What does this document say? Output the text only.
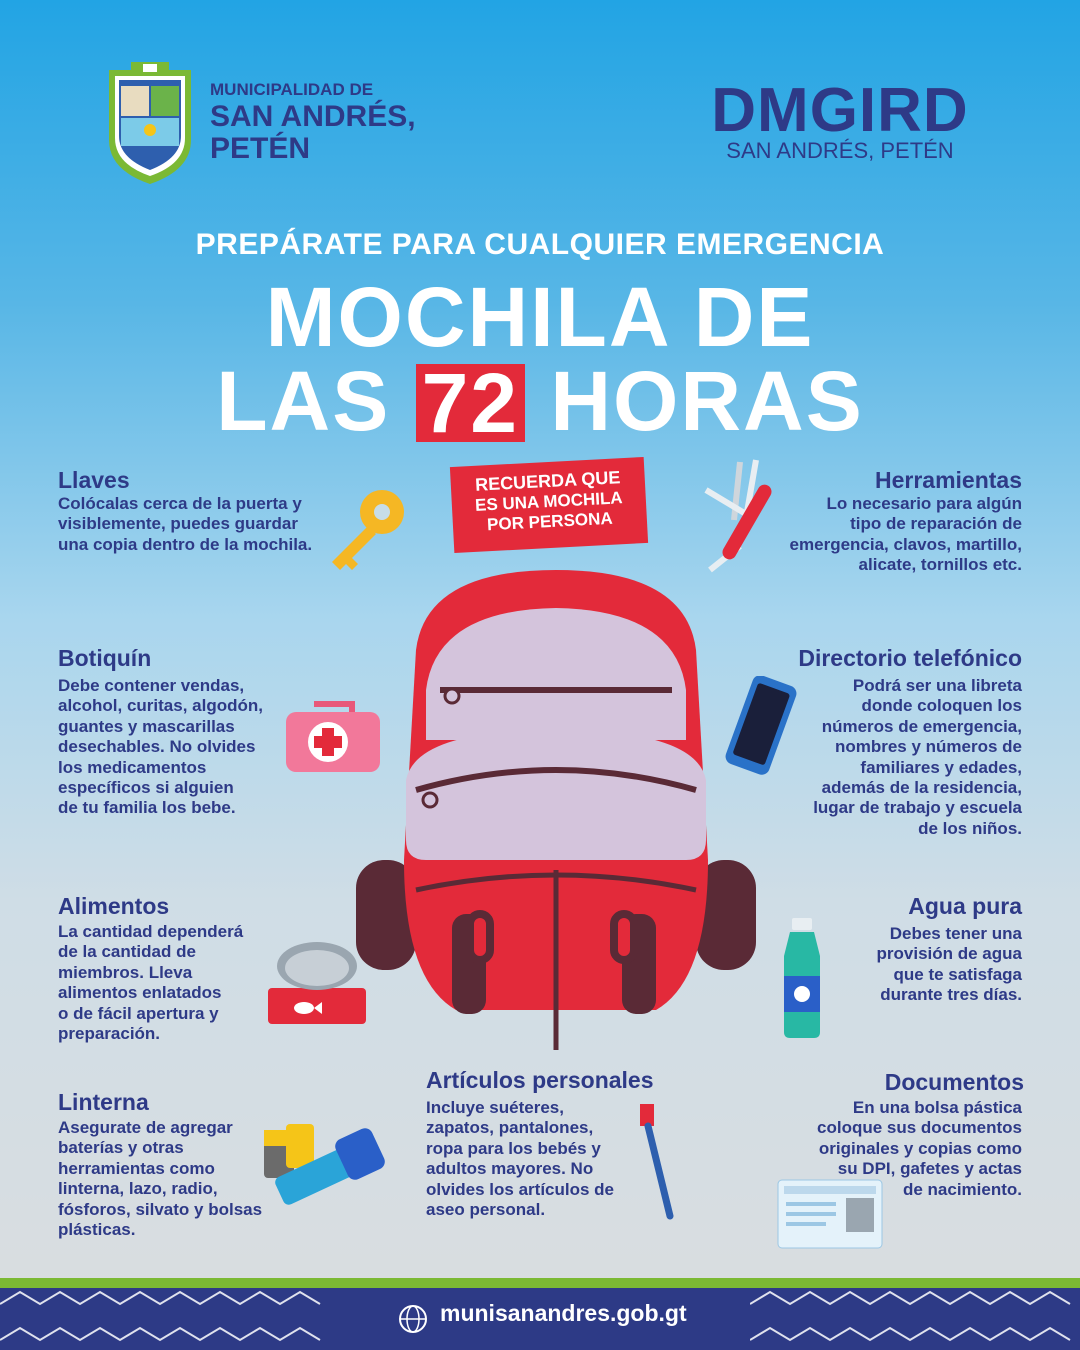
MUNICIPALIDAD DE
SAN ANDRÉS,
PETÉN
DMGIRD
SAN ANDRÉS, PETÉN
PREPÁRATE PARA CUALQUIER EMERGENCIA
MOCHILA DE
LAS 72 HORAS
RECUERDA QUE
ES UNA MOCHILA
POR PERSONA
Llaves
Colócalas cerca de la puerta y
visiblemente, puedes guardar
una copia dentro de la mochila.
Botiquín
Debe contener vendas,
alcohol, curitas, algodón,
guantes y mascarillas
desechables. No olvides
los medicamentos
específicos si alguien
de tu familia los bebe.
Alimentos
La cantidad dependerá
de la cantidad de
miembros. Lleva
alimentos enlatados
o de fácil apertura y
preparación.
Linterna
Asegurate de agregar
baterías y otras
herramientas como
linterna, lazo, radio,
fósforos, silvato y bolsas
plásticas.
Herramientas
Lo necesario para algún
tipo de reparación de
emergencia, clavos, martillo,
alicate, tornillos etc.
Directorio telefónico
Podrá ser una libreta
donde coloquen los
números de emergencia,
nombres y números de
familiares y edades,
además de la residencia,
lugar de trabajo y escuela
de los niños.
Agua pura
Debes tener una
provisión de agua
que te satisfaga
durante tres días.
Documentos
En una bolsa pástica
coloque sus documentos
originales y copias como
su DPI, gafetes y actas
de nacimiento.
Artículos personales
Incluye suéteres,
zapatos, pantalones,
ropa para los bebés y
adultos mayores. No
olvides los artículos de
aseo personal.
munisanandres.gob.gt
